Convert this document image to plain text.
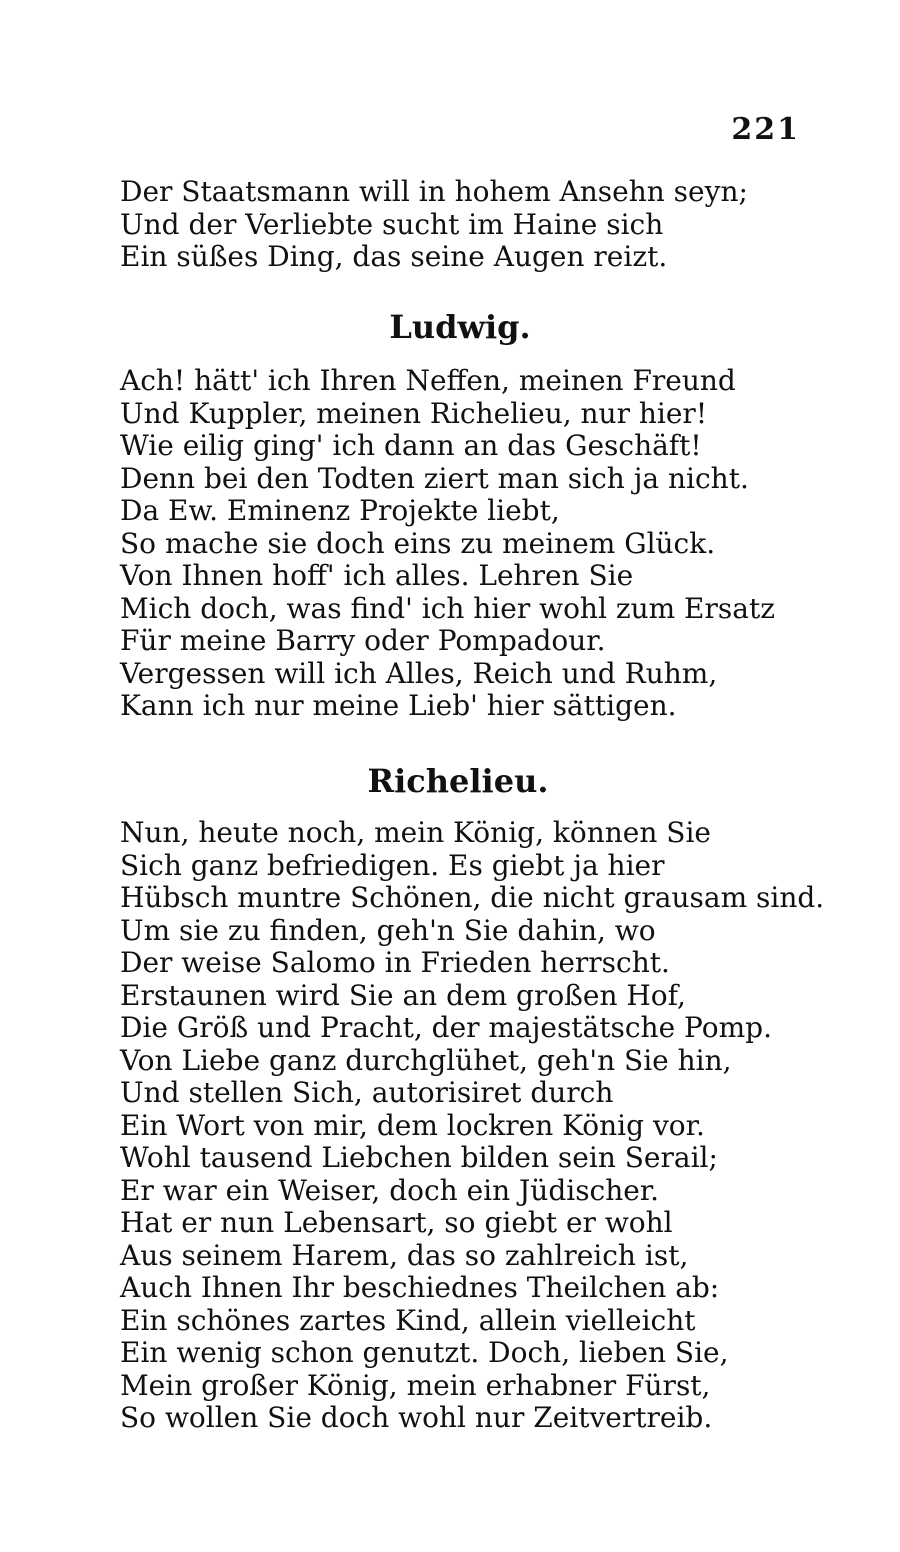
221
Der Staatsmann will in hohem Ansehn seyn;
Und der Verliebte sucht im Haine sich
Ein süßes Ding, das seine Augen reizt.
Ludwig.
Ach! hätt' ich Ihren Neffen, meinen Freund
Und Kuppler, meinen Richelieu, nur hier!
Wie eilig ging' ich dann an das Geschäft!
Denn bei den Todten ziert man sich ja nicht.
Da Ew. Eminenz Projekte liebt,
So mache sie doch eins zu meinem Glück.
Von Ihnen hoff' ich alles. Lehren Sie
Mich doch, was find' ich hier wohl zum Ersatz
Für meine Barry oder Pompadour.
Vergessen will ich Alles, Reich und Ruhm,
Kann ich nur meine Lieb' hier sättigen.
Richelieu.
Nun, heute noch, mein König, können Sie
Sich ganz befriedigen. Es giebt ja hier
Hübsch muntre Schönen, die nicht grausam sind.
Um sie zu finden, geh'n Sie dahin, wo
Der weise Salomo in Frieden herrscht.
Erstaunen wird Sie an dem großen Hof,
Die Größ und Pracht, der majestätsche Pomp.
Von Liebe ganz durchglühet, geh'n Sie hin,
Und stellen Sich, autorisiret durch
Ein Wort von mir, dem lockren König vor.
Wohl tausend Liebchen bilden sein Serail;
Er war ein Weiser, doch ein Jüdischer.
Hat er nun Lebensart, so giebt er wohl
Aus seinem Harem, das so zahlreich ist,
Auch Ihnen Ihr beschiednes Theilchen ab:
Ein schönes zartes Kind, allein vielleicht
Ein wenig schon genutzt. Doch, lieben Sie,
Mein großer König, mein erhabner Fürst,
So wollen Sie doch wohl nur Zeitvertreib.
